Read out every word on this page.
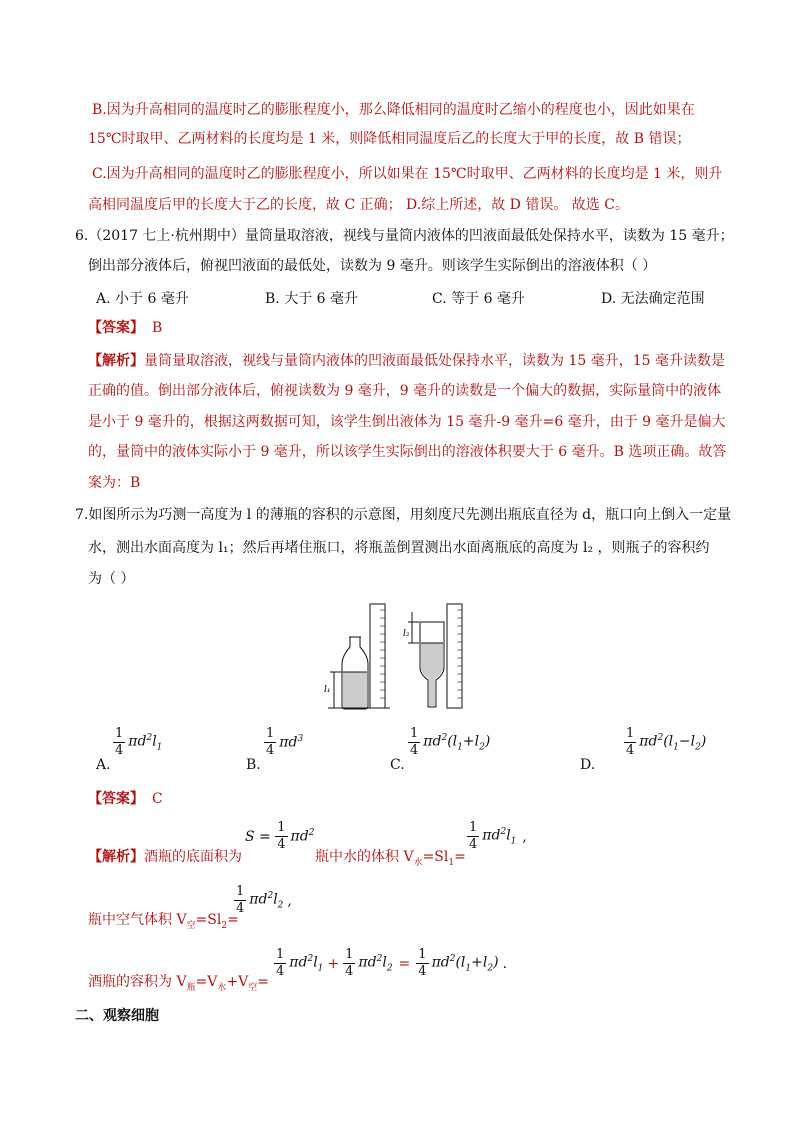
B.因为升高相同的温度时乙的膨胀程度小，那么降低相同的温度时乙缩小的程度也小，因此如果在
15℃时取甲、乙两材料的长度均是 1 米，则降低相同温度后乙的长度大于甲的长度，故 B 错误；
C.因为升高相同的温度时乙的膨胀程度小，所以如果在 15℃时取甲、乙两材料的长度均是 1 米，则升
高相同温度后甲的长度大于乙的长度，故 C 正确； D.综上所述，故 D 错误。 故选 C。
6.（2017 七上·杭州期中）量筒量取溶液，视线与量筒内液体的凹液面最低处保持水平，读数为 15 毫升；
倒出部分液体后，俯视凹液面的最低处，读数为 9 毫升。则该学生实际倒出的溶液体积（ ）
A. 小于 6 毫升	B. 大于 6 毫升	C. 等于 6 毫升	D. 无法确定范围
【答案】 B
【解析】量筒量取溶液，视线与量筒内液体的凹液面最低处保持水平，读数为 15 毫升，15 毫升读数是
正确的值。倒出部分液体后，俯视读数为 9 毫升，9 毫升的读数是一个偏大的数据，实际量筒中的液体
是小于 9 毫升的，根据这两数据可知，该学生倒出液体为 15 毫升-9 毫升=6 毫升，由于 9 毫升是偏大
的，量筒中的液体实际小于 9 毫升，所以该学生实际倒出的溶液体积要大于 6 毫升。B 选项正确。故答
案为：B
7.如图所示为巧测一高度为 l 的薄瓶的容积的示意图，用刻度尺先测出瓶底直径为 d，瓶口向上倒入一定量
水，测出水面高度为 l₁；然后再堵住瓶口，将瓶盖倒置测出水面离瓶底的高度为 l₂ ，则瓶子的容积约
为（ ）
l₁
l₂
A.
$\frac{1}{4} \pi d^2l_1$
B.
$\frac{1}{4} \pi d^3$
C.
$\frac{1}{4} \pi d^2(l_1+l_2)$
D.
$\frac{1}{4} \pi d^2(l_1-l_2)$
【答案】 C
【解析】酒瓶的底面积为
$S = \frac{1}{4} \pi d^2$
瓶中水的体积 $V_水=Sl_1=$
$\frac{1}{4} \pi d^2l_1$ ,
瓶中空气体积 $V_空=Sl_2=$
$\frac{1}{4} \pi d^2l_2$ ,
酒瓶的容积为 $V_瓶=V_水+V_空=$
$\frac{1}{4} \pi d^2l_1 + \frac{1}{4} \pi d^2l_2 = \frac{1}{4} \pi d^2(l_1+l_2)$ .
二、观察细胞
